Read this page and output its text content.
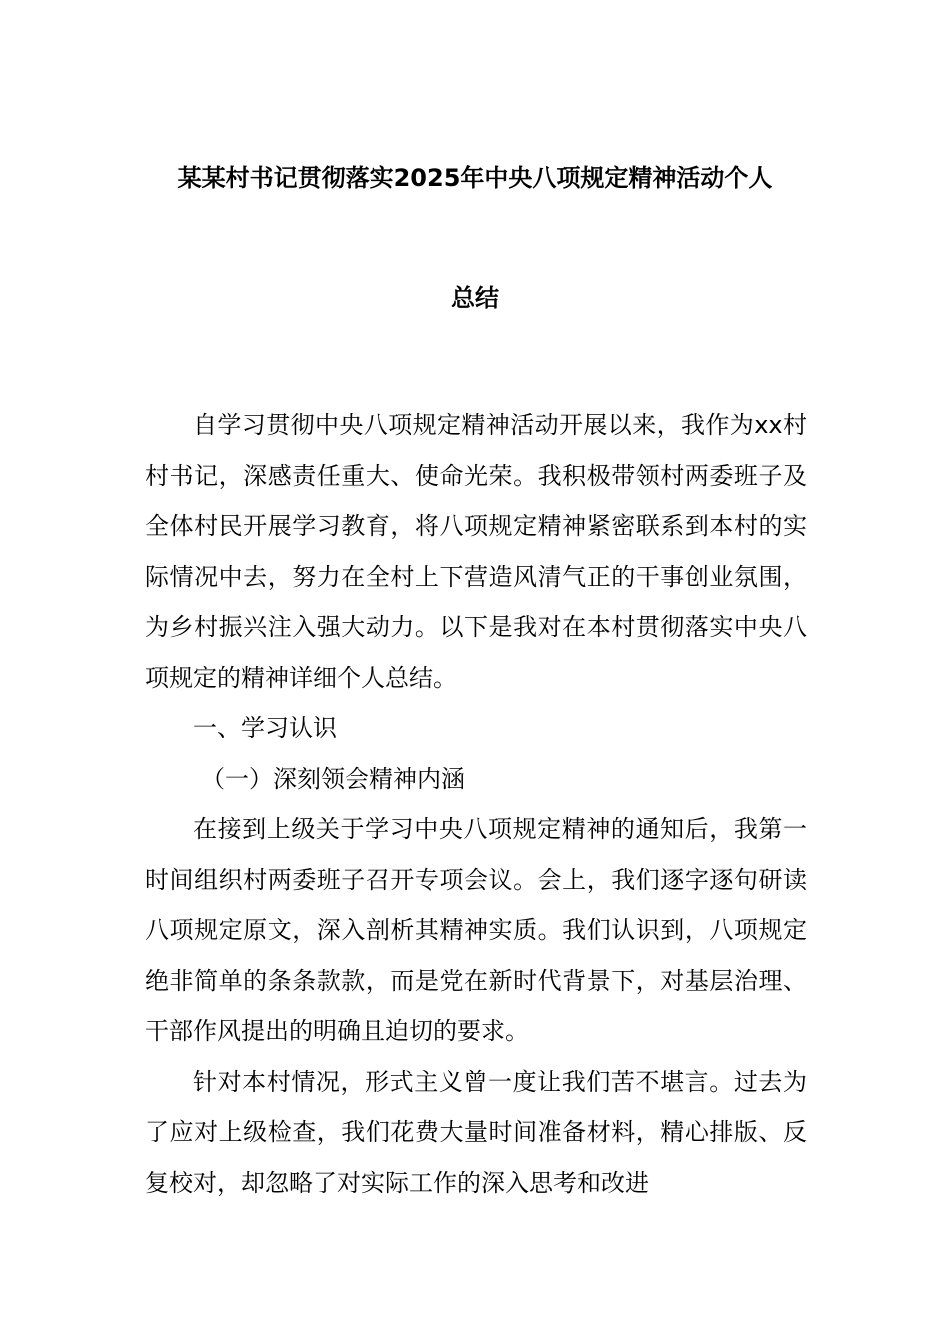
某某村书记贯彻落实2025年中央八项规定精神活动个人
总结

自学习贯彻中央八项规定精神活动开展以来，我作为xx村村书记，深感责任重大、使命光荣。我积极带领村两委班子及全体村民开展学习教育，将八项规定精神紧密联系到本村的实际情况中去，努力在全村上下营造风清气正的干事创业氛围，为乡村振兴注入强大动力。以下是我对在本村贯彻落实中央八项规定的精神详细个人总结。

一、学习认识

（一）深刻领会精神内涵

在接到上级关于学习中央八项规定精神的通知后，我第一时间组织村两委班子召开专项会议。会上，我们逐字逐句研读八项规定原文，深入剖析其精神实质。我们认识到，八项规定绝非简单的条条款款，而是党在新时代背景下，对基层治理、干部作风提出的明确且迫切的要求。

针对本村情况，形式主义曾一度让我们苦不堪言。过去为了应对上级检查，我们花费大量时间准备材料，精心排版、反复校对，却忽略了对实际工作的深入思考和改进
